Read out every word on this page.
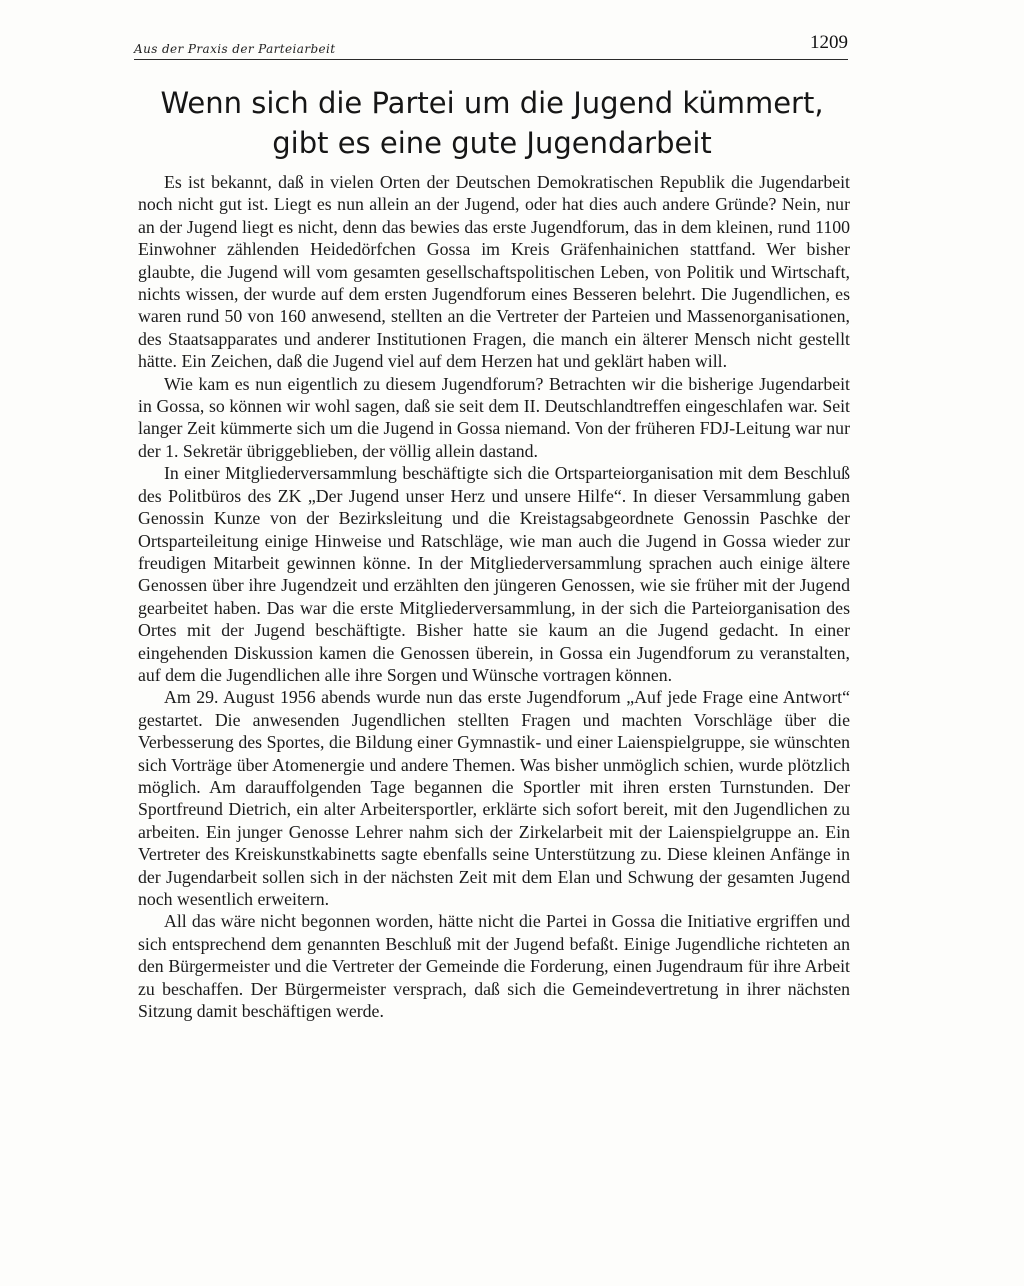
Aus der Praxis der Parteiarbeit	1209
Wenn sich die Partei um die Jugend kümmert,
gibt es eine gute Jugendarbeit

Es ist bekannt, daß in vielen Orten der Deutschen Demokratischen Republik die Jugendarbeit noch nicht gut ist. Liegt es nun allein an der Jugend, oder hat dies auch andere Gründe? Nein, nur an der Jugend liegt es nicht, denn das bewies das erste Jugendforum, das in dem kleinen, rund 1100 Einwohner zählenden Heidedörfchen Gossa im Kreis Gräfenhainichen stattfand. Wer bisher glaubte, die Jugend will vom gesamten gesellschaftspolitischen Leben, von Politik und Wirtschaft, nichts wissen, der wurde auf dem ersten Jugendforum eines Besseren belehrt. Die Jugendlichen, es waren rund 50 von 160 anwesend, stellten an die Vertreter der Parteien und Massenorganisationen, des Staatsapparates und anderer Institutionen Fragen, die manch ein älterer Mensch nicht gestellt hätte. Ein Zeichen, daß die Jugend viel auf dem Herzen hat und geklärt haben will.

Wie kam es nun eigentlich zu diesem Jugendforum? Betrachten wir die bisherige Jugendarbeit in Gossa, so können wir wohl sagen, daß sie seit dem II. Deutschlandtreffen eingeschlafen war. Seit langer Zeit kümmerte sich um die Jugend in Gossa niemand. Von der früheren FDJ-Leitung war nur der 1. Sekretär übriggeblieben, der völlig allein dastand.

In einer Mitgliederversammlung beschäftigte sich die Ortsparteiorganisation mit dem Beschluß des Politbüros des ZK „Der Jugend unser Herz und unsere Hilfe“. In dieser Versammlung gaben Genossin Kunze von der Bezirksleitung und die Kreistagsabgeordnete Genossin Paschke der Ortsparteileitung einige Hinweise und Ratschläge, wie man auch die Jugend in Gossa wieder zur freudigen Mitarbeit gewinnen könne. In der Mitgliederversammlung sprachen auch einige ältere Genossen über ihre Jugendzeit und erzählten den jüngeren Genossen, wie sie früher mit der Jugend gearbeitet haben. Das war die erste Mitgliederversammlung, in der sich die Parteiorganisation des Ortes mit der Jugend beschäftigte. Bisher hatte sie kaum an die Jugend gedacht. In einer eingehenden Diskussion kamen die Genossen überein, in Gossa ein Jugendforum zu veranstalten, auf dem die Jugendlichen alle ihre Sorgen und Wünsche vortragen können.

Am 29. August 1956 abends wurde nun das erste Jugendforum „Auf jede Frage eine Antwort“ gestartet. Die anwesenden Jugendlichen stellten Fragen und machten Vorschläge über die Verbesserung des Sportes, die Bildung einer Gymnastik- und einer Laienspielgruppe, sie wünschten sich Vorträge über Atomenergie und andere Themen. Was bisher unmöglich schien, wurde plötzlich möglich. Am darauffolgenden Tage begannen die Sportler mit ihren ersten Turnstunden. Der Sportfreund Dietrich, ein alter Arbeitersportler, erklärte sich sofort bereit, mit den Jugendlichen zu arbeiten. Ein junger Genosse Lehrer nahm sich der Zirkelarbeit mit der Laienspielgruppe an. Ein Vertreter des Kreiskunstkabinetts sagte ebenfalls seine Unterstützung zu. Diese kleinen Anfänge in der Jugendarbeit sollen sich in der nächsten Zeit mit dem Elan und Schwung der gesamten Jugend noch wesentlich erweitern.

All das wäre nicht begonnen worden, hätte nicht die Partei in Gossa die Initiative ergriffen und sich entsprechend dem genannten Beschluß mit der Jugend befaßt. Einige Jugendliche richteten an den Bürgermeister und die Vertreter der Gemeinde die Forderung, einen Jugendraum für ihre Arbeit zu beschaffen. Der Bürgermeister versprach, daß sich die Gemeindevertretung in ihrer nächsten Sitzung damit beschäftigen werde.
